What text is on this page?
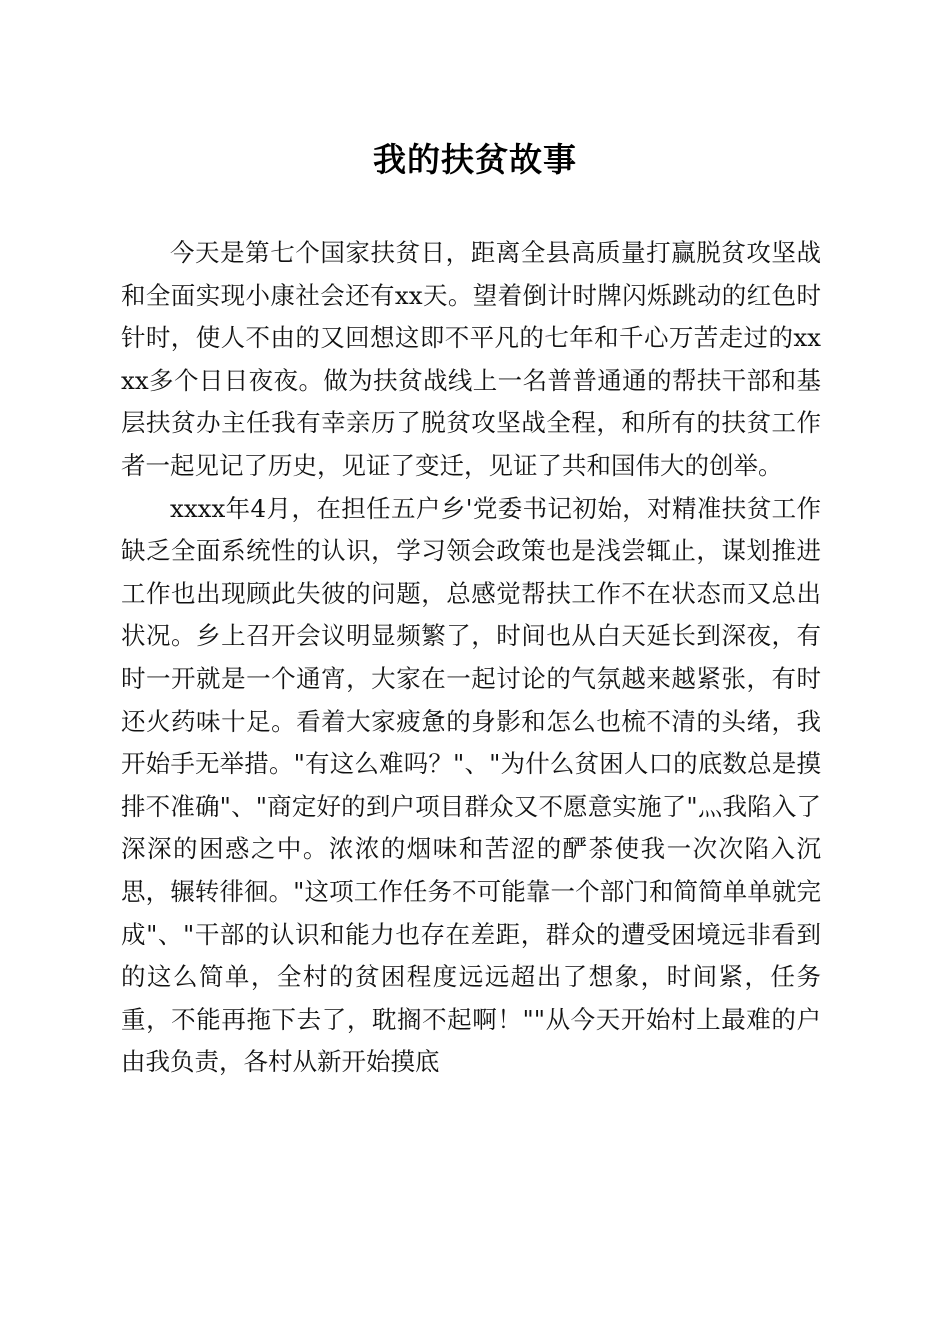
我的扶贫故事

今天是第七个国家扶贫日，距离全县高质量打赢脱贫攻坚战和全面实现小康社会还有xx天。望着倒计时牌闪烁跳动的红色时针时，使人不由的又回想这即不平凡的七年和千心万苦走过的xxxx多个日日夜夜。做为扶贫战线上一名普普通通的帮扶干部和基层扶贫办主任我有幸亲历了脱贫攻坚战全程，和所有的扶贫工作者一起见记了历史，见证了变迁，见证了共和国伟大的创举。

xxxx年4月，在担任五户乡'党委书记初始，对精准扶贫工作缺乏全面系统性的认识，学习领会政策也是浅尝辄止，谋划推进工作也出现顾此失彼的问题，总感觉帮扶工作不在状态而又总出状况。乡上召开会议明显频繁了，时间也从白天延长到深夜，有时一开就是一个通宵，大家在一起讨论的气氛越来越紧张，有时还火药味十足。看着大家疲惫的身影和怎么也梳不清的头绪，我开始手无举措。"有这么难吗？"、"为什么贫困人口的底数总是摸排不准确"、"商定好的到户项目群众又不愿意实施了"灬我陷入了深深的困惑之中。浓浓的烟味和苦涩的酽茶使我一次次陷入沉思，辗转徘徊。"这项工作任务不可能靠一个部门和简简单单就完成"、"干部的认识和能力也存在差距，群众的遭受困境远非看到的这么简单，全村的贫困程度远远超出了想象，时间紧，任务重，不能再拖下去了，耽搁不起啊！""从今天开始村上最难的户由我负责，各村从新开始摸底
